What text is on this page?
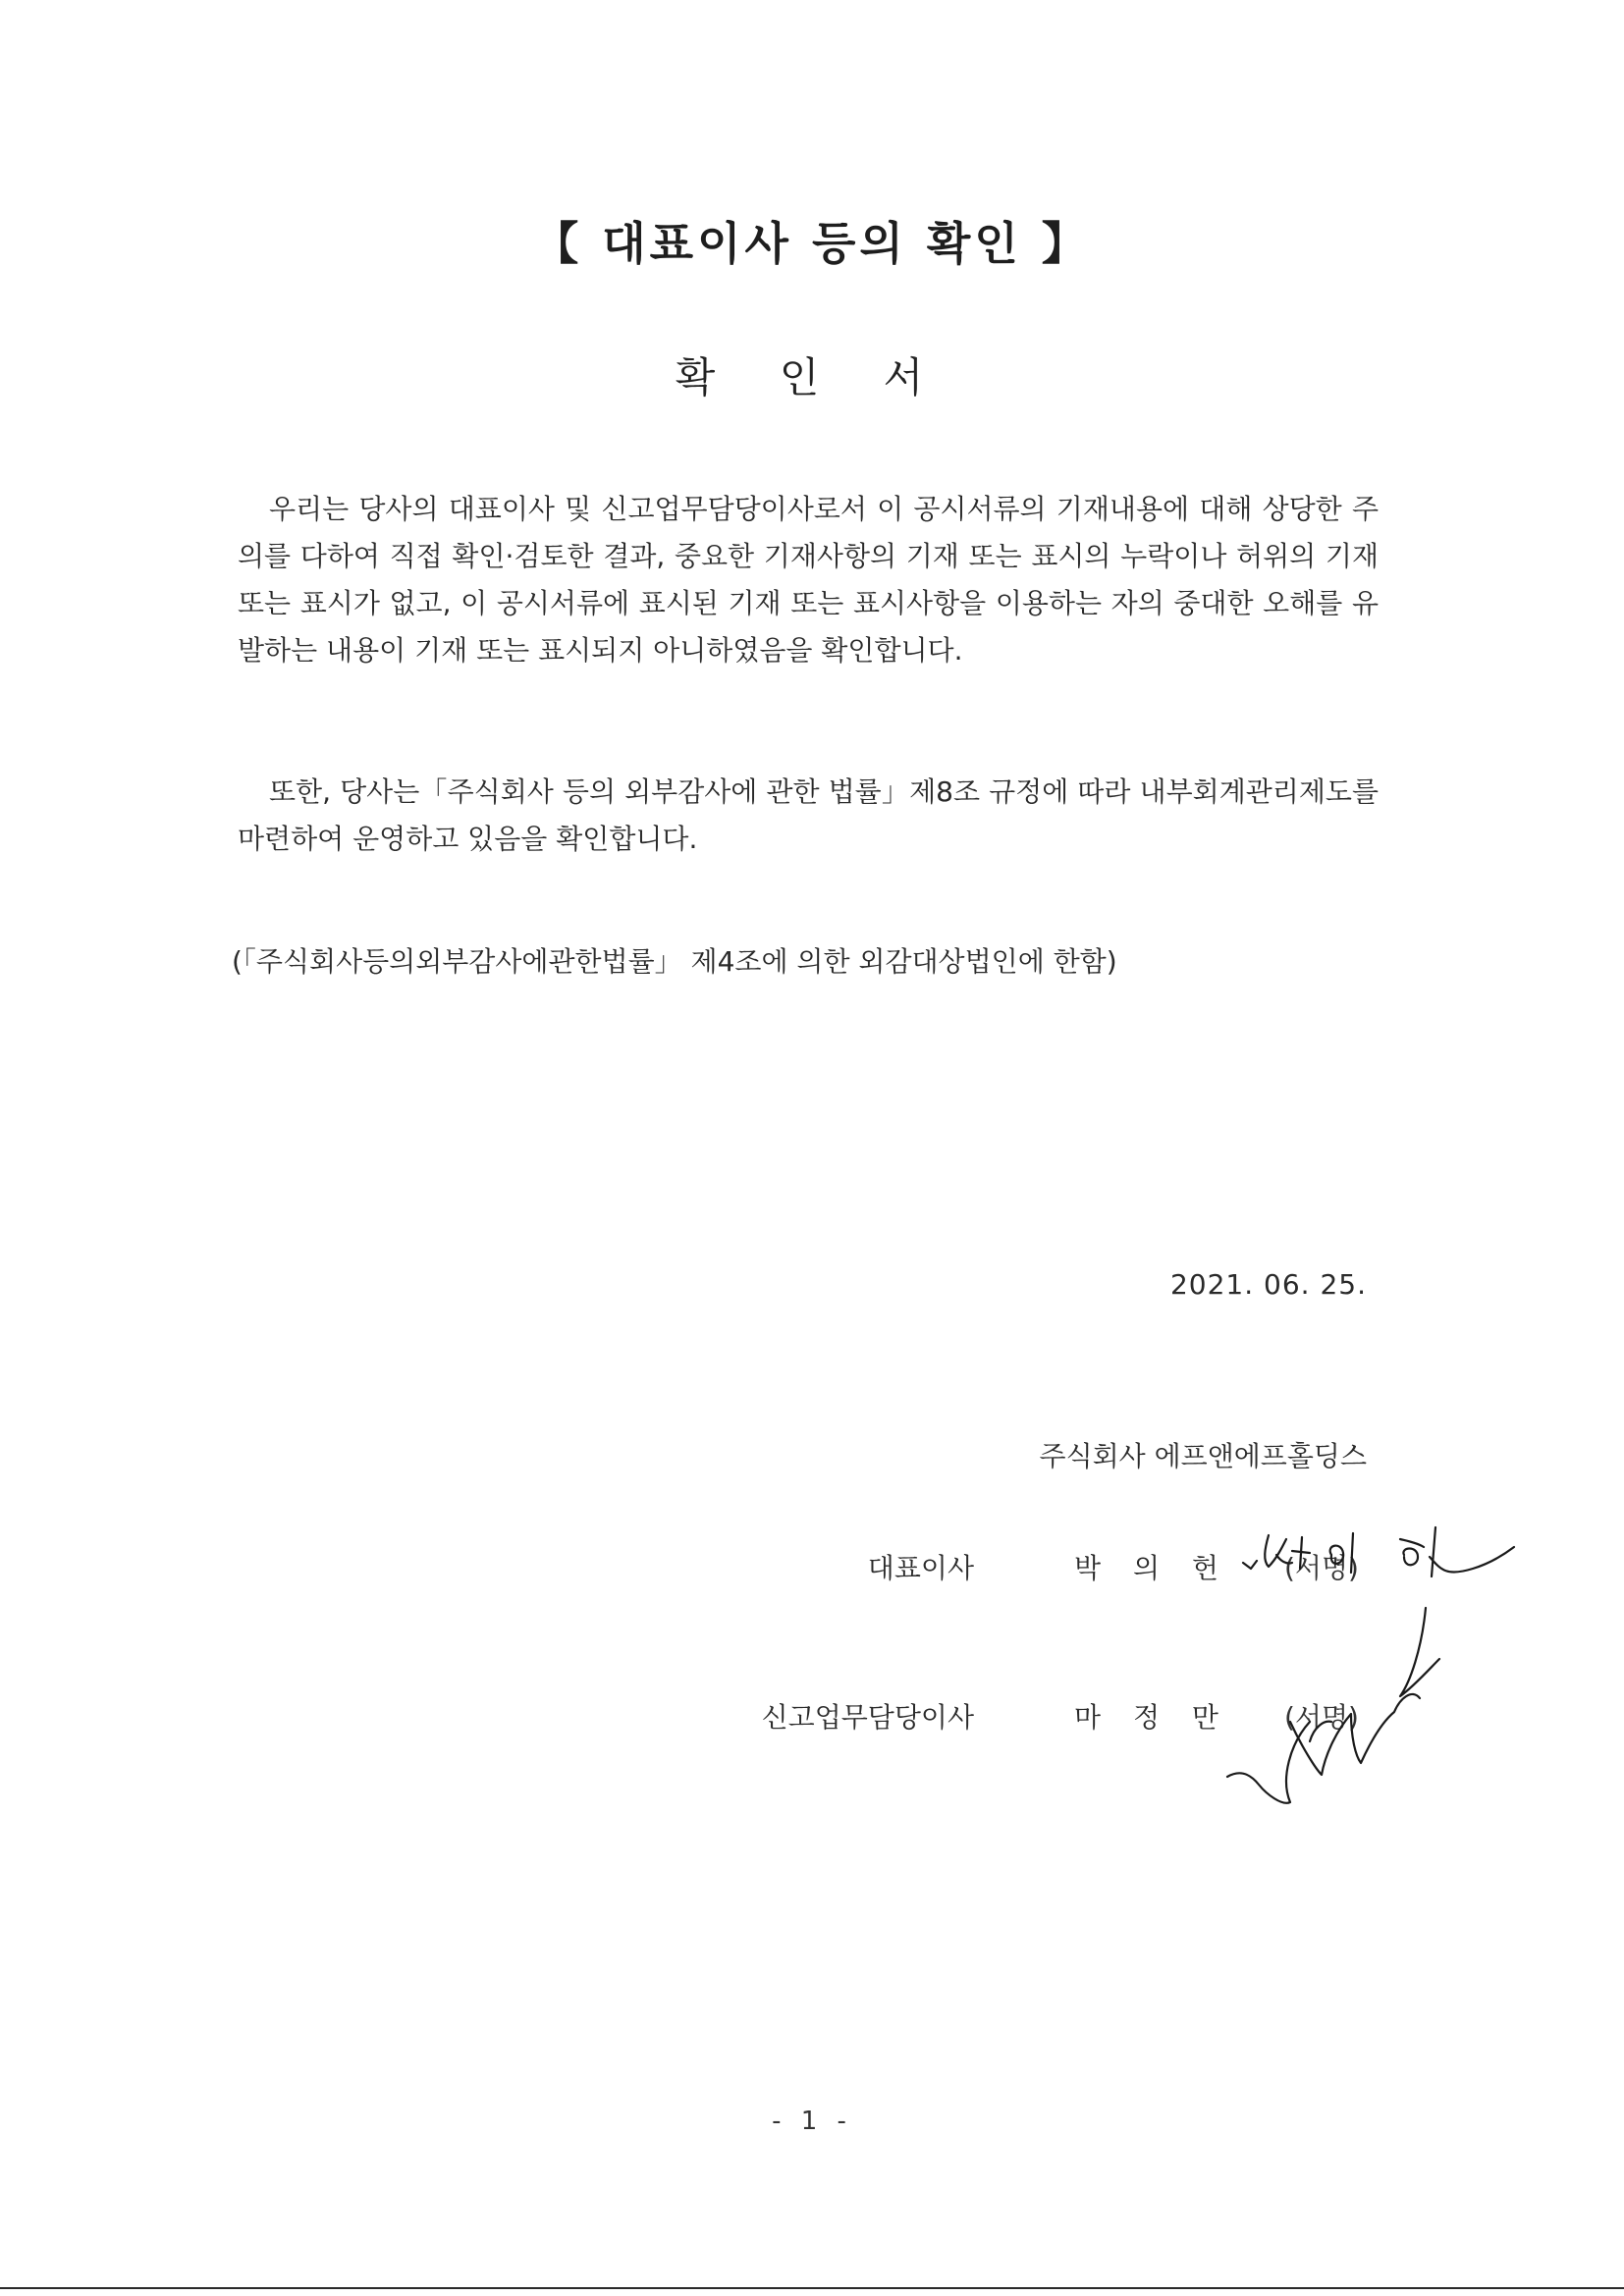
【 대표이사 등의 확인 】
확 인 서

우리는 당사의 대표이사 및 신고업무담당이사로서 이 공시서류의 기재내용에 대해 상당한 주의를 다하여 직접 확인·검토한 결과, 중요한 기재사항의 기재 또는 표시의 누락이나 허위의 기재 또는 표시가 없고, 이 공시서류에 표시된 기재 또는 표시사항을 이용하는 자의 중대한 오해를 유발하는 내용이 기재 또는 표시되지 아니하였음을 확인합니다.

또한, 당사는「주식회사 등의 외부감사에 관한 법률」제8조 규정에 따라 내부회계관리제도를 마련하여 운영하고 있음을 확인합니다.

(「주식회사등의외부감사에관한법률」 제4조에 의한 외감대상법인에 한함)
2021. 06. 25.
주식회사 에프앤에프홀딩스
대표이사	박 의 헌 (서명)
신고업무담당이사	마 정 만 (서명)
- 1 -
